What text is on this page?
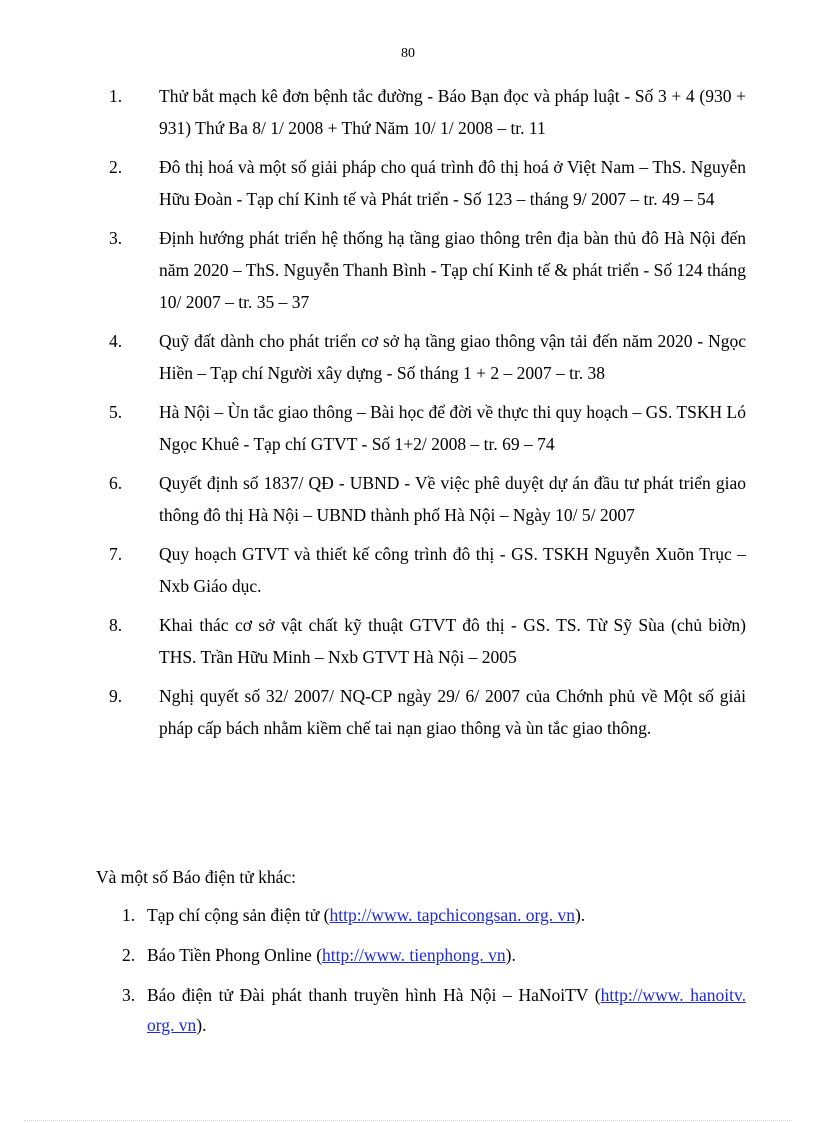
80
1. Thử bắt mạch kê đơn bệnh tắc đường - Báo Bạn đọc và pháp luật - Số 3 + 4 (930 + 931) Thứ Ba 8/ 1/ 2008 + Thứ Năm 10/ 1/ 2008 – tr. 11
2. Đô thị hoá và một số giải pháp cho quá trình đô thị hoá ở Việt Nam – ThS. Nguyễn Hữu Đoàn - Tạp chí Kinh tế và Phát triển - Số 123 – tháng 9/ 2007 – tr. 49 – 54
3. Định hướng phát triển hệ thống hạ tầng giao thông trên địa bàn thủ đô Hà Nội đến năm 2020 – ThS. Nguyễn Thanh Bình - Tạp chí Kinh tế & phát triển - Số 124 tháng 10/ 2007 – tr. 35 – 37
4. Quỹ đất dành cho phát triển cơ sở hạ tầng giao thông vận tải đến năm 2020 - Ngọc Hiền – Tạp chí Người xây dựng - Số tháng 1 + 2 – 2007 – tr. 38
5. Hà Nội – Ùn tắc giao thông – Bài học để đời về thực thi quy hoạch – GS. TSKH Ló Ngọc Khuê - Tạp chí GTVT - Số 1+2/ 2008 – tr. 69 – 74
6. Quyết định số 1837/ QĐ - UBND - Về việc phê duyệt dự án đầu tư phát triển giao thông đô thị Hà Nội – UBND thành phố Hà Nội – Ngày 10/ 5/ 2007
7. Quy hoạch GTVT và thiết kế công trình đô thị - GS. TSKH Nguyễn Xuõn Trục – Nxb Giáo dục.
8. Khai thác cơ sở vật chất kỹ thuật GTVT đô thị - GS. TS. Từ Sỹ Sùa (chủ biờn) THS. Trần Hữu Minh – Nxb GTVT Hà Nội – 2005
9. Nghị quyết số 32/ 2007/ NQ-CP ngày 29/ 6/ 2007 của Chớnh phủ về Một số giải pháp cấp bách nhằm kiềm chế tai nạn giao thông và ùn tắc giao thông.
Và một số Báo điện tử khác:
1. Tạp chí cộng sản điện tử (http://www. tapchicongsan. org. vn).
2. Báo Tiền Phong Online (http://www. tienphong. vn).
3. Báo điện tử Đài phát thanh truyền hình Hà Nội – HaNoiTV (http://www. hanoitv. org. vn).
